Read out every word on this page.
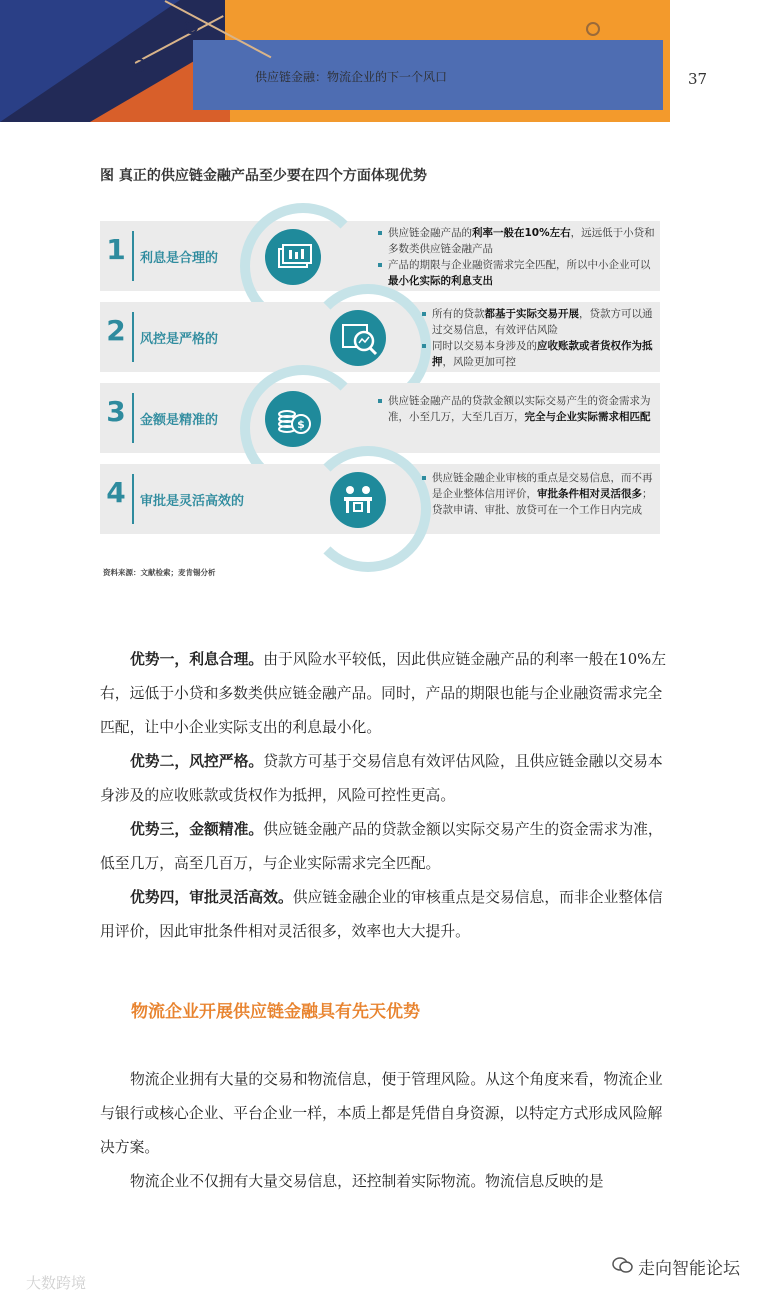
供应链金融：物流企业的下一个风口	37
图 真正的供应链金融产品至少要在四个方面体现优势
1 利息是合理的
供应链金融产品的利率一般在10%左右，远远低于小贷和多数类供应链金融产品
产品的期限与企业融资需求完全匹配，所以中小企业可以最小化实际的利息支出
2 风控是严格的
所有的贷款都基于实际交易开展，贷款方可以通过交易信息，有效评估风险
同时以交易本身涉及的应收账款或者货权作为抵押，风险更加可控
3 金额是精准的	$
供应链金融产品的贷款金额以实际交易产生的资金需求为准，小至几万，大至几百万，完全与企业实际需求相匹配
4 审批是灵活高效的
供应链金融企业审核的重点是交易信息，而不再是企业整体信用评价，审批条件相对灵活很多；贷款申请、审批、放贷可在一个工作日内完成
资料来源：文献检索；麦肯锡分析
优势一，利息合理。由于风险水平较低，因此供应链金融产品的利率一般在10%左右，远低于小贷和多数类供应链金融产品。同时，产品的期限也能与企业融资需求完全匹配，让中小企业实际支出的利息最小化。
优势二，风控严格。贷款方可基于交易信息有效评估风险，且供应链金融以交易本身涉及的应收账款或货权作为抵押，风险可控性更高。
优势三，金额精准。供应链金融产品的贷款金额以实际交易产生的资金需求为准，低至几万，高至几百万，与企业实际需求完全匹配。
优势四，审批灵活高效。供应链金融企业的审核重点是交易信息，而非企业整体信用评价，因此审批条件相对灵活很多，效率也大大提升。
物流企业开展供应链金融具有先天优势
物流企业拥有大量的交易和物流信息，便于管理风险。从这个角度来看，物流企业与银行或核心企业、平台企业一样，本质上都是凭借自身资源，以特定方式形成风险解决方案。
物流企业不仅拥有大量交易信息，还控制着实际物流。物流信息反映的是
走向智能论坛
大数跨境
